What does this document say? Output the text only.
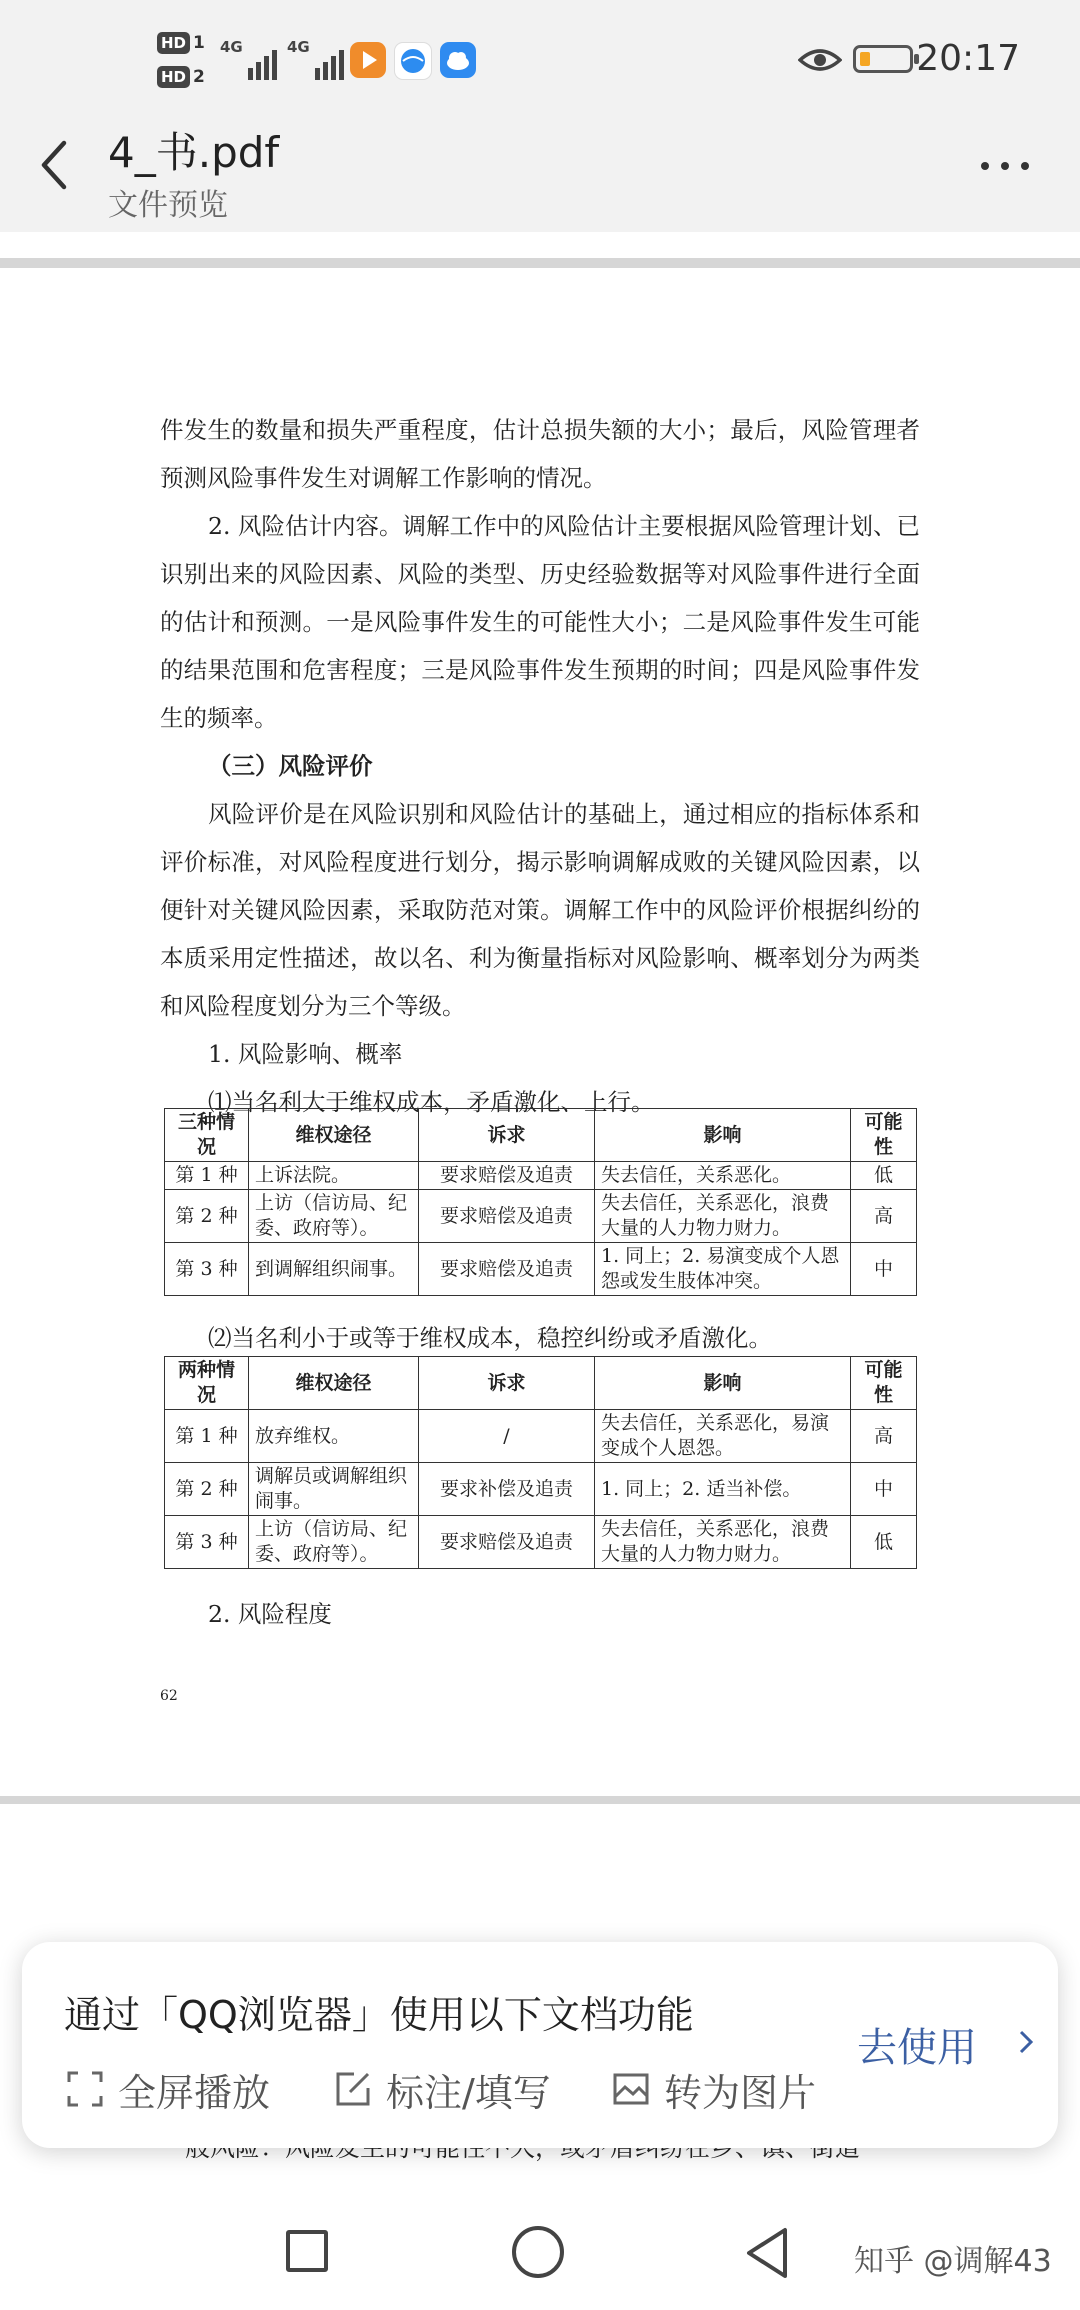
HD 1
HD 2
4G	4G	20:17
4_书.pdf
文件预览

件发生的数量和损失严重程度，估计总损失额的大小；最后，风险管理者预测风险事件发生对调解工作影响的情况。

2. 风险估计内容。调解工作中的风险估计主要根据风险管理计划、已识别出来的风险因素、风险的类型、历史经验数据等对风险事件进行全面的估计和预测。一是风险事件发生的可能性大小；二是风险事件发生可能的结果范围和危害程度；三是风险事件发生预期的时间；四是风险事件发生的频率。

（三）风险评价

风险评价是在风险识别和风险估计的基础上，通过相应的指标体系和评价标准，对风险程度进行划分，揭示影响调解成败的关键风险因素，以便针对关键风险因素，采取防范对策。调解工作中的风险评价根据纠纷的本质采用定性描述，故以名、利为衡量指标对风险影响、概率划分为两类和风险程度划分为三个等级。

1. 风险影响、概率

⑴当名利大于维权成本，矛盾激化、上行。

三种情况	维权途径	诉求	影响	可能性
第 1 种	上诉法院。	要求赔偿及追责	失去信任，关系恶化。	低
第 2 种	上访（信访局、纪委、政府等）。	要求赔偿及追责	失去信任，关系恶化，浪费大量的人力物力财力。	高
第 3 种	到调解组织闹事。	要求赔偿及追责	1. 同上；2. 易演变成个人恩怨或发生肢体冲突。	中
⑵当名利小于或等于维权成本，稳控纠纷或矛盾激化。
两种情况	维权途径	诉求	影响	可能性
第 1 种	放弃维权。	/	失去信任，关系恶化，易演变成个人恩怨。	高
第 2 种	调解员或调解组织闹事。	要求补偿及追责	1. 同上；2. 适当补偿。	中
第 3 种	上访（信访局、纪委、政府等）。	要求赔偿及追责	失去信任，关系恶化，浪费大量的人力物力财力。	低
2. 风险程度
62
通过「QQ浏览器」使用以下文档功能
全屏播放	标注/填写	转为图片
去使用
知乎 @调解43
